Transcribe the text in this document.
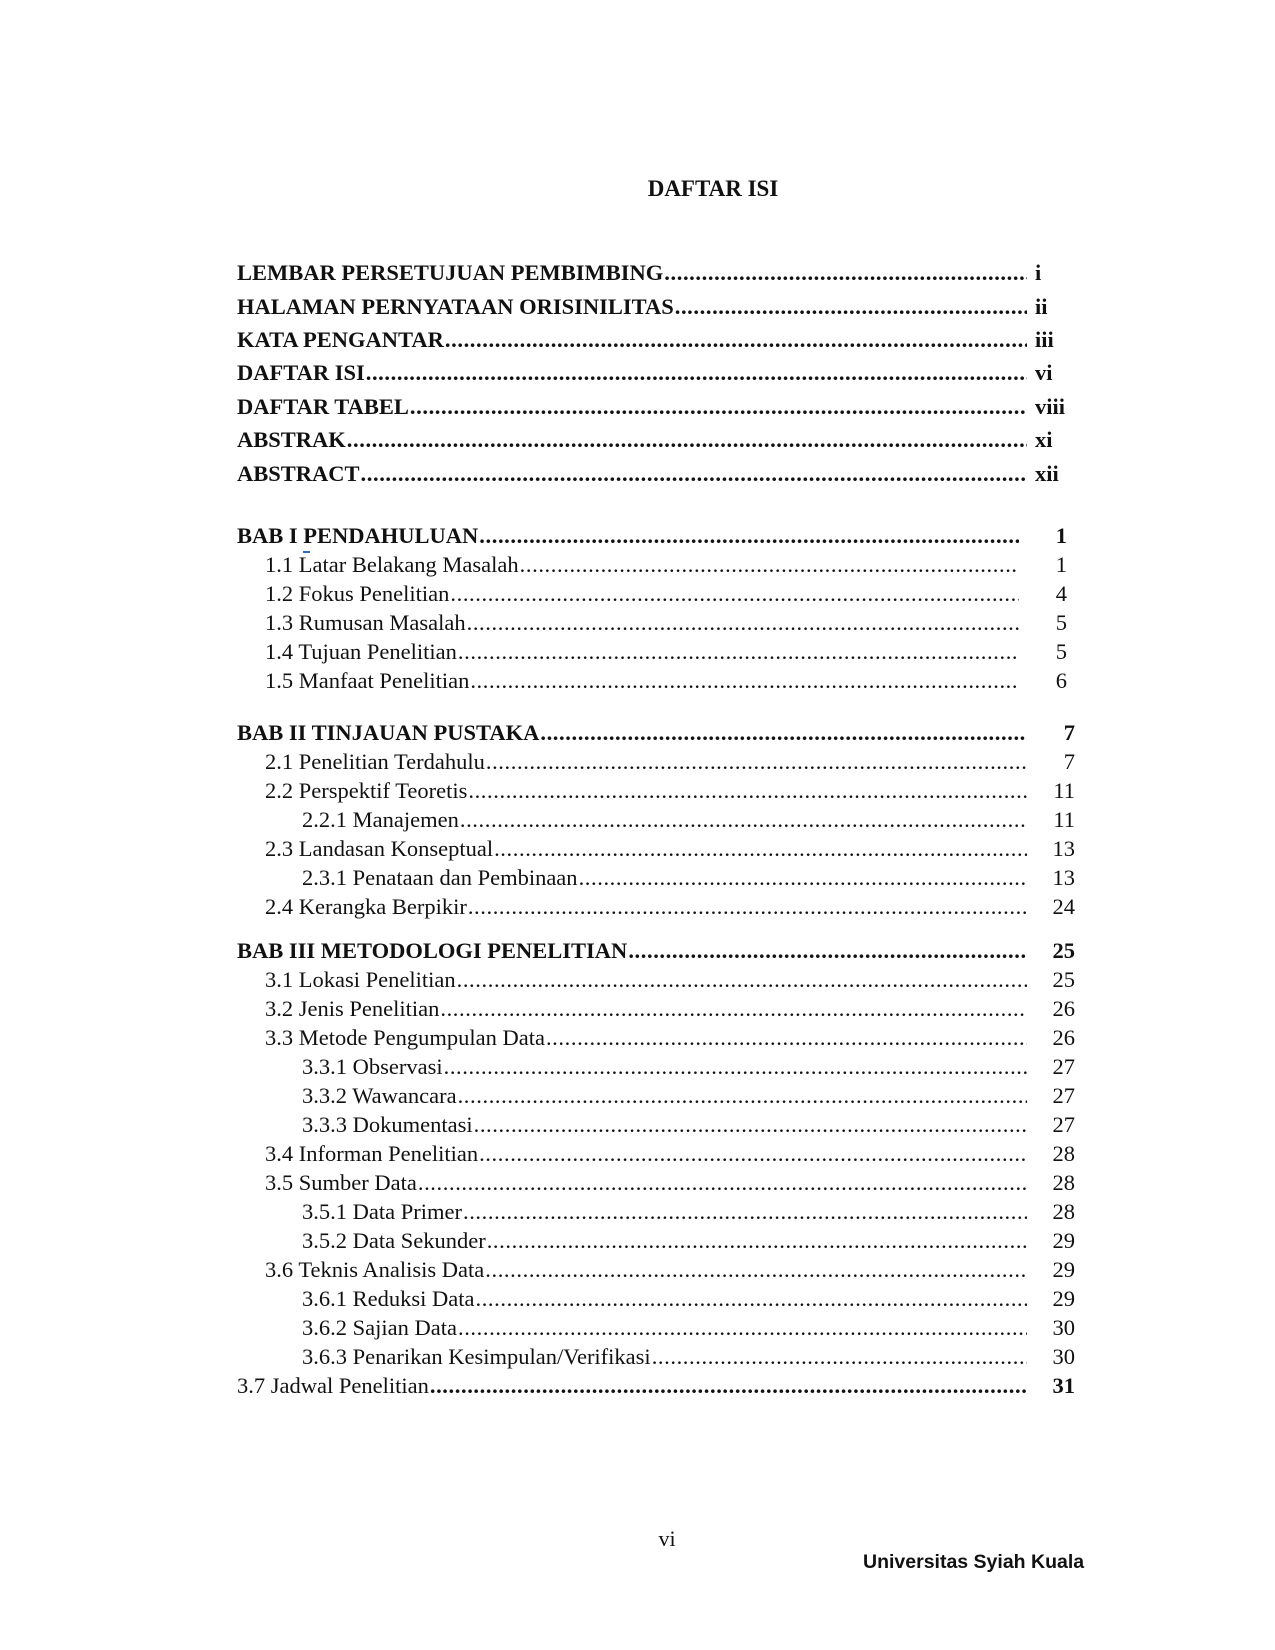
DAFTAR ISI
LEMBAR PERSETUJUAN PEMBIMBING .....	i
HALAMAN PERNYATAAN ORISINILITAS .....	ii
KATA PENGANTAR .....	iii
DAFTAR ISI .....	vi
DAFTAR TABEL .....	viii
ABSTRAK .....	xi
ABSTRACT .....	xii
BAB I PENDAHULUAN .....	1
1.1 Latar Belakang Masalah .....	1
1.2 Fokus Penelitian .....	4
1.3 Rumusan Masalah .....	5
1.4 Tujuan Penelitian .....	5
1.5 Manfaat Penelitian .....	6
BAB II TINJAUAN PUSTAKA .....	7
2.1 Penelitian Terdahulu .....	7
2.2 Perspektif Teoretis .....	11
2.2.1 Manajemen .....	11
2.3 Landasan Konseptual .....	13
2.3.1 Penataan dan Pembinaan .....	13
2.4 Kerangka Berpikir .....	24
BAB III METODOLOGI PENELITIAN .....	25
3.1 Lokasi Penelitian .....	25
3.2 Jenis Penelitian .....	26
3.3 Metode Pengumpulan Data .....	26
3.3.1 Observasi .....	27
3.3.2 Wawancara .....	27
3.3.3 Dokumentasi .....	27
3.4 Informan Penelitian .....	28
3.5 Sumber Data .....	28
3.5.1 Data Primer .....	28
3.5.2 Data Sekunder .....	29
3.6 Teknis Analisis Data .....	29
3.6.1 Reduksi Data .....	29
3.6.2 Sajian Data .....	30
3.6.3 Penarikan Kesimpulan/Verifikasi .....	30
3.7 Jadwal Penelitian .....	31
vi
Universitas Syiah Kuala
